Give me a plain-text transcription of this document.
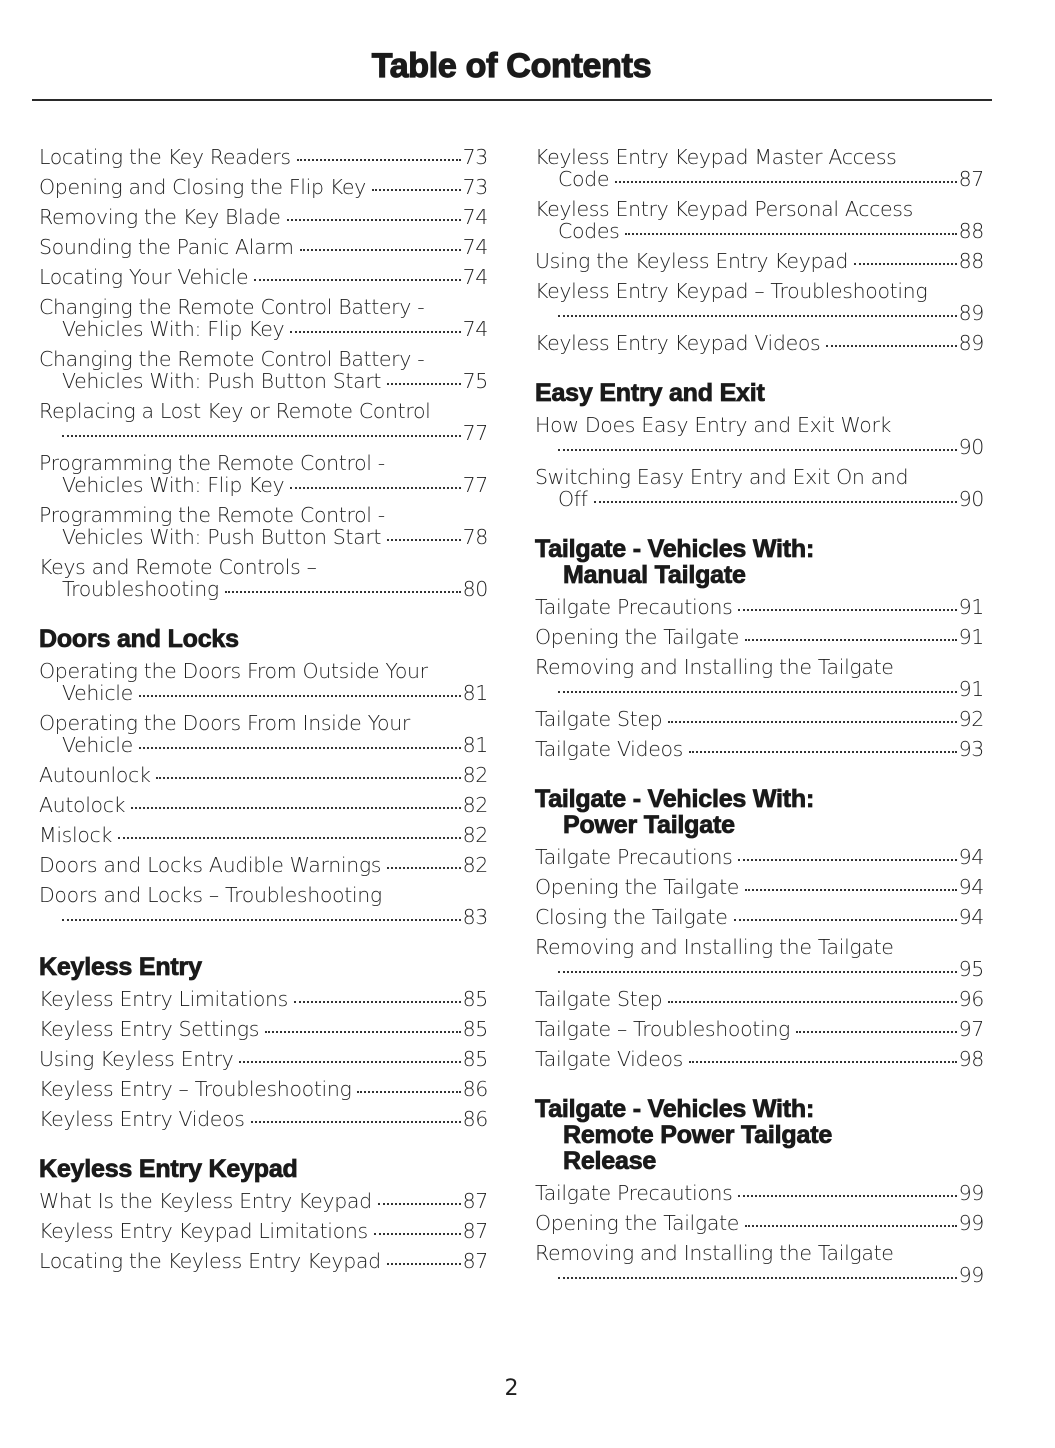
Table of Contents
Locating the Key Readers	73
Opening and Closing the Flip Key	73
Removing the Key Blade	74
Sounding the Panic Alarm	74
Locating Your Vehicle	74
Changing the Remote Control Battery -
Vehicles With: Flip Key	74
Changing the Remote Control Battery -
Vehicles With: Push Button Start	75
Replacing a Lost Key or Remote Control
77
Programming the Remote Control -
Vehicles With: Flip Key	77
Programming the Remote Control -
Vehicles With: Push Button Start	78
Keys and Remote Controls –
Troubleshooting	80
Doors and Locks
Operating the Doors From Outside Your
Vehicle	81
Operating the Doors From Inside Your
Vehicle	81
Autounlock	82
Autolock	82
Mislock	82
Doors and Locks Audible Warnings	82
Doors and Locks – Troubleshooting
83
Keyless Entry
Keyless Entry Limitations	85
Keyless Entry Settings	85
Using Keyless Entry	85
Keyless Entry – Troubleshooting	86
Keyless Entry Videos	86
Keyless Entry Keypad
What Is the Keyless Entry Keypad	87
Keyless Entry Keypad Limitations	87
Locating the Keyless Entry Keypad	87
Keyless Entry Keypad Master Access
Code	87
Keyless Entry Keypad Personal Access
Codes	88
Using the Keyless Entry Keypad	88
Keyless Entry Keypad – Troubleshooting
89
Keyless Entry Keypad Videos	89
Easy Entry and Exit
How Does Easy Entry and Exit Work
90
Switching Easy Entry and Exit On and
Off	90
Tailgate - Vehicles With:
Manual Tailgate
Tailgate Precautions	91
Opening the Tailgate	91
Removing and Installing the Tailgate
91
Tailgate Step	92
Tailgate Videos	93
Tailgate - Vehicles With:
Power Tailgate
Tailgate Precautions	94
Opening the Tailgate	94
Closing the Tailgate	94
Removing and Installing the Tailgate
95
Tailgate Step	96
Tailgate – Troubleshooting	97
Tailgate Videos	98
Tailgate - Vehicles With:
Remote Power Tailgate
Release
Tailgate Precautions	99
Opening the Tailgate	99
Removing and Installing the Tailgate
99
2
